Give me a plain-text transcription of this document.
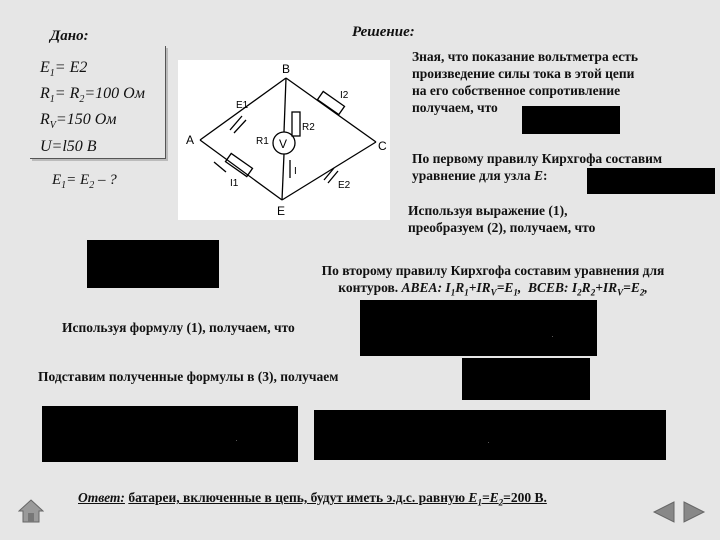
Дано:
$E_1= E2$
$R_1= R_2=100$ Ом
$R_V=150$ Ом
U=l50 В
$E_1= E_2$ – ?
A
B
C
E
E1
I2
R1 V
R2
I
I1	E2
Решение:
Зная, что показание вольтметра есть
произведение силы тока в этой цепи
на его собственное сопротивление
получаем, что
По первому правилу Кирхгофа составим
уравнение для узла E:
Используя выражение (1),
преобразуем (2), получаем, что
По второму правилу Кирхгофа составим уравнения для
контуров. ABEA: $I_1R_1+IR_V=E_1$,  BCEB: $I_2R_2+IR_V=E_2$,
Используя формулу (1), получаем, что
Подставим полученные формулы в (3), получаем
Ответ: батареи, включенные в цепь, будут иметь э.д.с. равную $E_1=E_2=200$ В.
